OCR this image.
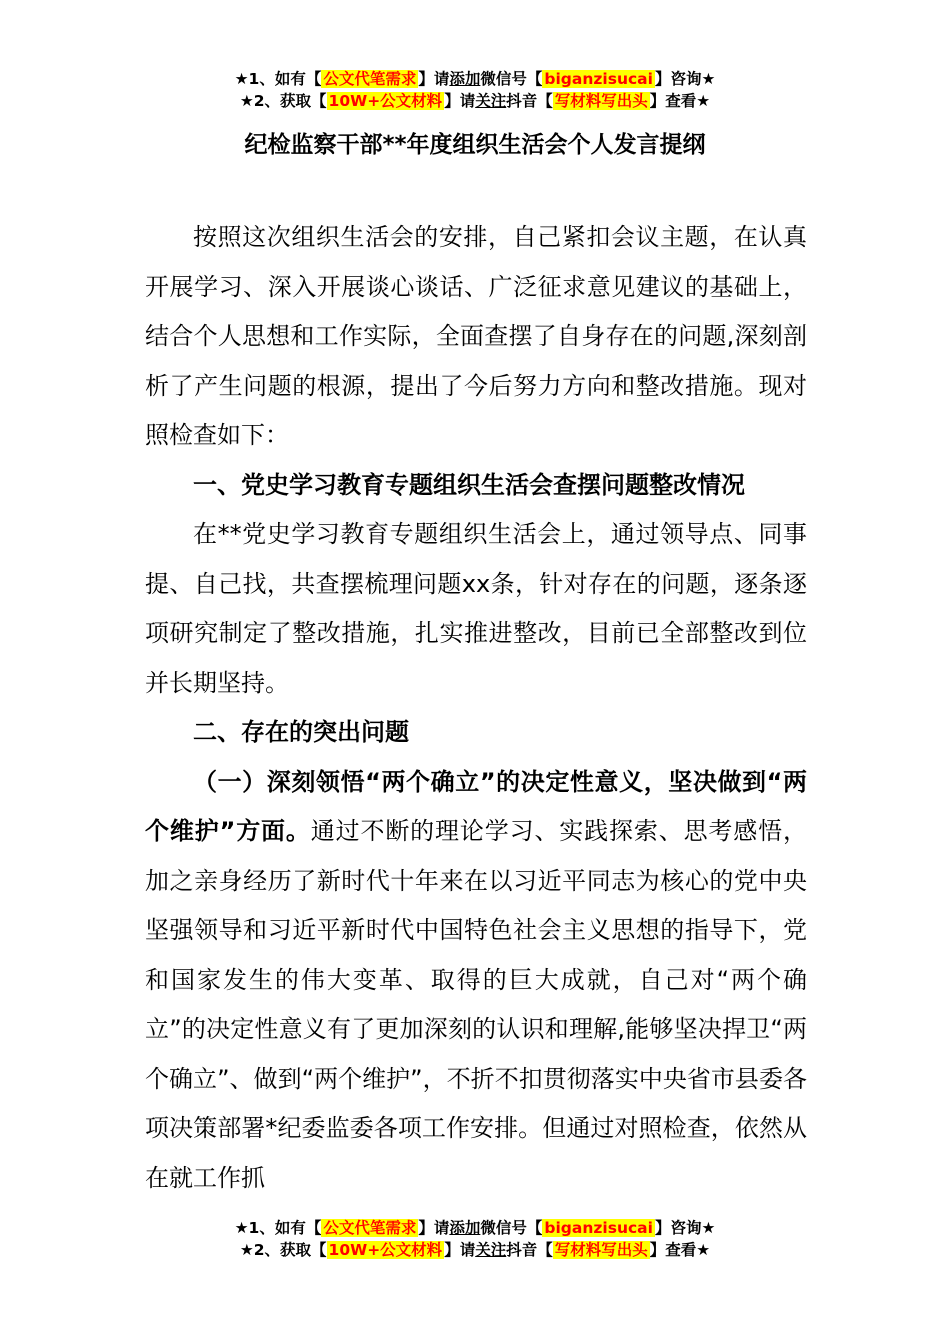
★1、如有【 公文代笔需求 】请添加微信号【 biganzisucai 】咨询★
★2、获取【 10W+公文材料 】请关注抖音【 写材料写出头 】查看★
纪检监察干部**年度组织生活会个人发言提纲

按照这次组织生活会的安排，自己紧扣会议主题，在认真开展学习、深入开展谈心谈话、广泛征求意见建议的基础上，结合个人思想和工作实际，全面查摆了自身存在的问题,深刻剖析了产生问题的根源，提出了今后努力方向和整改措施。现对照检查如下：

一、党史学习教育专题组织生活会查摆问题整改情况

在**党史学习教育专题组织生活会上，通过领导点、同事提、自己找，共查摆梳理问题xx条，针对存在的问题，逐条逐项研究制定了整改措施，扎实推进整改，目前已全部整改到位并长期坚持。

二、存在的突出问题

（一）深刻领悟“两个确立”的决定性意义，坚决做到“两个维护”方面。通过不断的理论学习、实践探索、思考感悟，加之亲身经历了新时代十年来在以习近平同志为核心的党中央坚强领导和习近平新时代中国特色社会主义思想的指导下，党和国家发生的伟大变革、取得的巨大成就，自己对“两个确立”的决定性意义有了更加深刻的认识和理解,能够坚决捍卫“两个确立”、做到“两个维护”，不折不扣贯彻落实中央省市县委各项决策部署*纪委监委各项工作安排。但通过对照检查，依然从在就工作抓

★1、如有【 公文代笔需求 】请添加微信号【 biganzisucai 】咨询★
★2、获取【 10W+公文材料 】请关注抖音【 写材料写出头 】查看★
